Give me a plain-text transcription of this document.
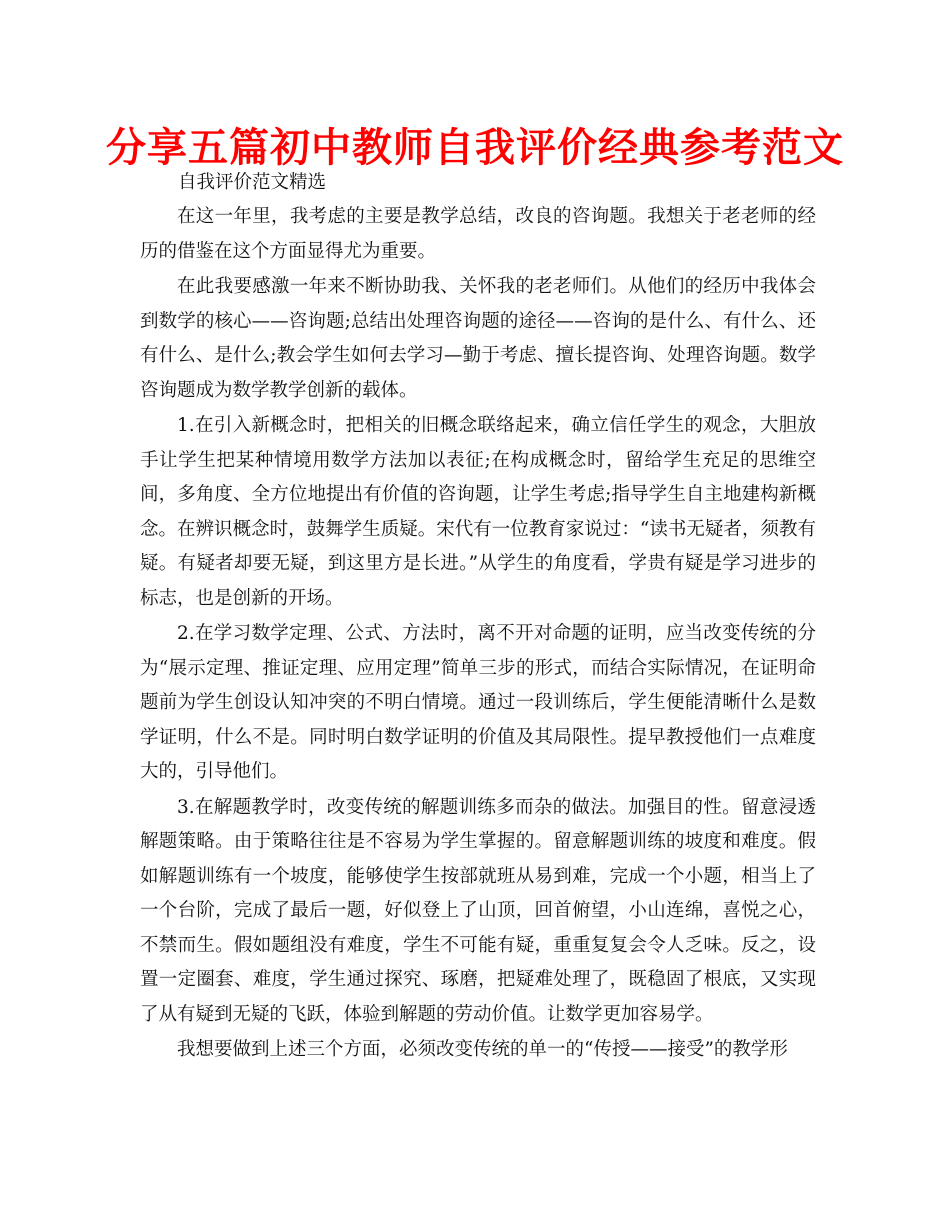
分享五篇初中教师自我评价经典参考范文

自我评价范文精选

在这一年里，我考虑的主要是教学总结，改良的咨询题。我想关于老老师的经历的借鉴在这个方面显得尤为重要。

在此我要感激一年来不断协助我、关怀我的老老师们。从他们的经历中我体会到数学的核心——咨询题;总结出处理咨询题的途径——咨询的是什么、有什么、还有什么、是什么;教会学生如何去学习—勤于考虑、擅长提咨询、处理咨询题。数学咨询题成为数学教学创新的载体。

1.在引入新概念时，把相关的旧概念联络起来，确立信任学生的观念，大胆放手让学生把某种情境用数学方法加以表征;在构成概念时，留给学生充足的思维空间，多角度、全方位地提出有价值的咨询题，让学生考虑;指导学生自主地建构新概念。在辨识概念时，鼓舞学生质疑。宋代有一位教育家说过：“读书无疑者，须教有疑。有疑者却要无疑，到这里方是长进。”从学生的角度看，学贵有疑是学习进步的标志，也是创新的开场。

2.在学习数学定理、公式、方法时，离不开对命题的证明，应当改变传统的分为“展示定理、推证定理、应用定理”简单三步的形式，而结合实际情况，在证明命题前为学生创设认知冲突的不明白情境。通过一段训练后，学生便能清晰什么是数学证明，什么不是。同时明白数学证明的价值及其局限性。提早教授他们一点难度大的，引导他们。

3.在解题教学时，改变传统的解题训练多而杂的做法。加强目的性。留意浸透解题策略。由于策略往往是不容易为学生掌握的。留意解题训练的坡度和难度。假如解题训练有一个坡度，能够使学生按部就班从易到难，完成一个小题，相当上了一个台阶，完成了最后一题，好似登上了山顶，回首俯望，小山连绵，喜悦之心，不禁而生。假如题组没有难度，学生不可能有疑，重重复复会令人乏味。反之，设置一定圈套、难度，学生通过探究、琢磨，把疑难处理了，既稳固了根底，又实现了从有疑到无疑的飞跃，体验到解题的劳动价值。让数学更加容易学。

我想要做到上述三个方面，必须改变传统的单一的“传授——接受”的教学形
